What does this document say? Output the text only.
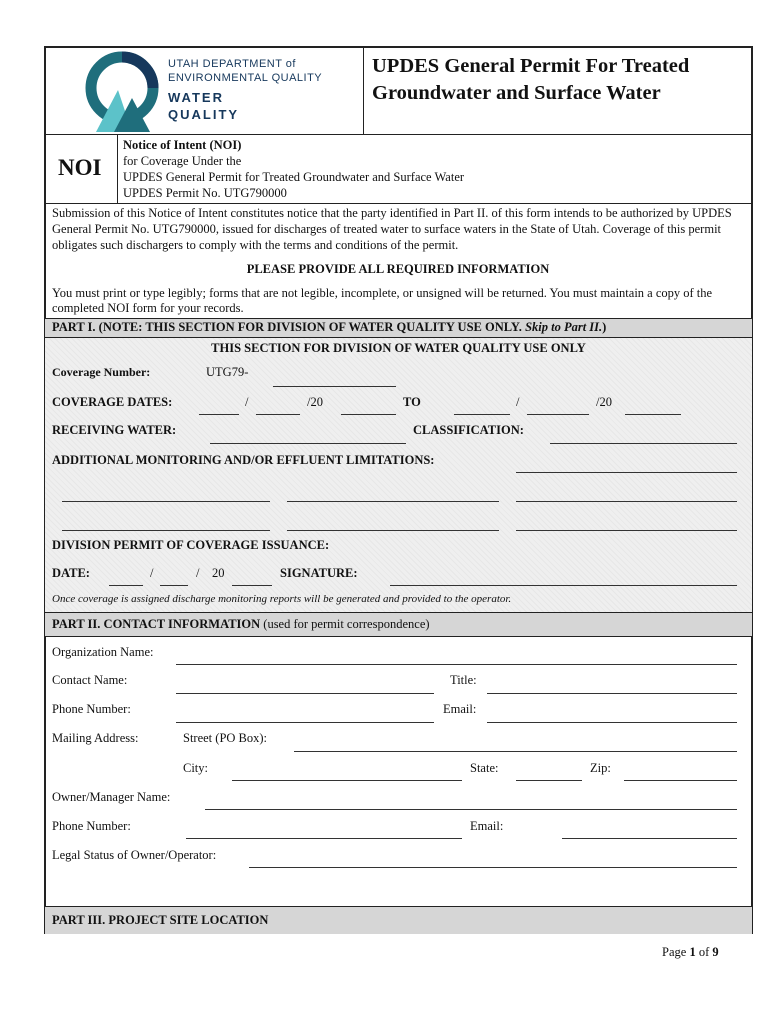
UTAH DEPARTMENT of
ENVIRONMENTAL QUALITY
WATER
QUALITY
UPDES General Permit For Treated Groundwater and Surface Water
NOI
Notice of Intent (NOI)
for Coverage Under the
UPDES General Permit for Treated Groundwater and Surface Water
UPDES Permit No. UTG790000
Submission of this Notice of Intent constitutes notice that the party identified in Part II. of this form intends to be authorized by UPDES General Permit No. UTG790000, issued for discharges of treated water to surface waters in the State of Utah. Coverage of this permit obligates such dischargers to comply with the terms and conditions of the permit.
PLEASE PROVIDE ALL REQUIRED INFORMATION
You must print or type legibly; forms that are not legible, incomplete, or unsigned will be returned. You must maintain a copy of the completed NOI form for your records.
PART I. (NOTE: THIS SECTION FOR DIVISION OF WATER QUALITY USE ONLY. Skip to Part II.)
THIS SECTION FOR DIVISION OF WATER QUALITY USE ONLY
Coverage Number:	UTG79-
COVERAGE DATES:	/	/20	TO	/	/20
RECEIVING WATER:	CLASSIFICATION:
ADDITIONAL MONITORING AND/OR EFFLUENT LIMITATIONS:
DIVISION PERMIT OF COVERAGE ISSUANCE:
DATE:	/	/ 20	SIGNATURE:
Once coverage is assigned discharge monitoring reports will be generated and provided to the operator.
PART II. CONTACT INFORMATION (used for permit correspondence)
Organization Name:
Contact Name:	Title:
Phone Number:	Email:
Mailing Address:	Street (PO Box):
City:	State:	Zip:
Owner/Manager Name:
Phone Number:	Email:
Legal Status of Owner/Operator:
PART III. PROJECT SITE LOCATION
Page 1 of 9
